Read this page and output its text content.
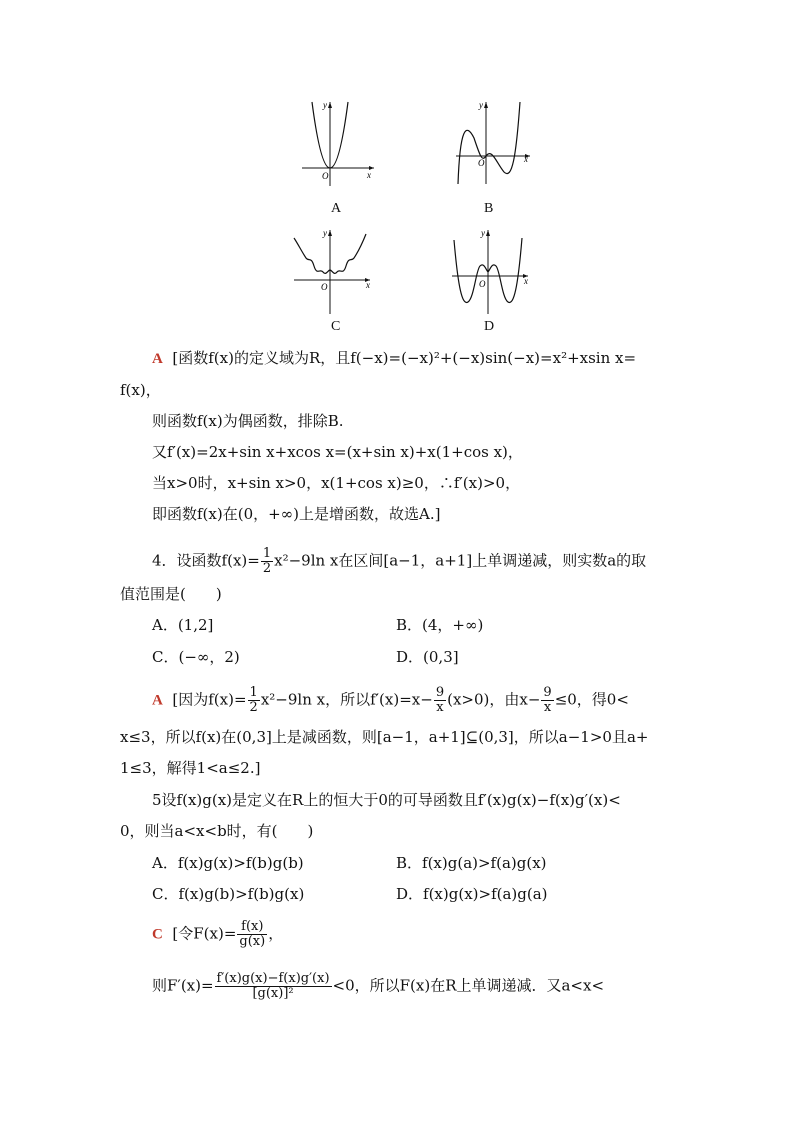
y
x
O
A
y
x
O
B
y
x
O
C
y
x
O
D
A [函数f(x)的定义域为R，且f(−x)=(−x)²+(−x)sin(−x)=x²+xsin x=
f(x)，
则函数f(x)为偶函数，排除B.
又f′(x)=2x+sin x+xcos x=(x+sin x)+x(1+cos x)，
当x>0时，x+sin x>0，x(1+cos x)≥0，∴f′(x)>0，
即函数f(x)在(0，+∞)上是增函数，故选A.]
4．设函数$f(x)= \frac{1}{2} x^2-9\ln$ x在区间[a−1，a+1]上单调递减，则实数a的取
值范围是(　　)
A．(1,2]	B．(4，+∞)
C．(−∞，2)	D．(0,3]
A [因为$f(x)= \frac{1}{2} x^2-9\ln$ x，所以$f'(x)=x- \frac{9}{x} (x>0)$，由$x- \frac{9}{x} \le 0$，得0<
x≤3，所以f(x)在(0,3]上是减函数，则[a−1，a+1]⊆(0,3]，所以a−1>0且a+
1≤3，解得1<a≤2.]
5设f(x)g(x)是定义在R上的恒大于0的可导函数且f′(x)g(x)−f(x)g′(x)<
0，则当a<x<b时，有(　　)
A．f(x)g(x)>f(b)g(b)	B．f(x)g(a)>f(a)g(x)
C．f(x)g(b)>f(b)g(x)	D．f(x)g(x)>f(a)g(a)
C [令$F(x)= \frac{f(x)}{g(x)}$ ，
则$F'(x)= \frac{f'(x)g(x)-f(x)g'(x)}{\text{[g(x)]²}} <0$，所以F(x)在R上单调递减．又a<x<
